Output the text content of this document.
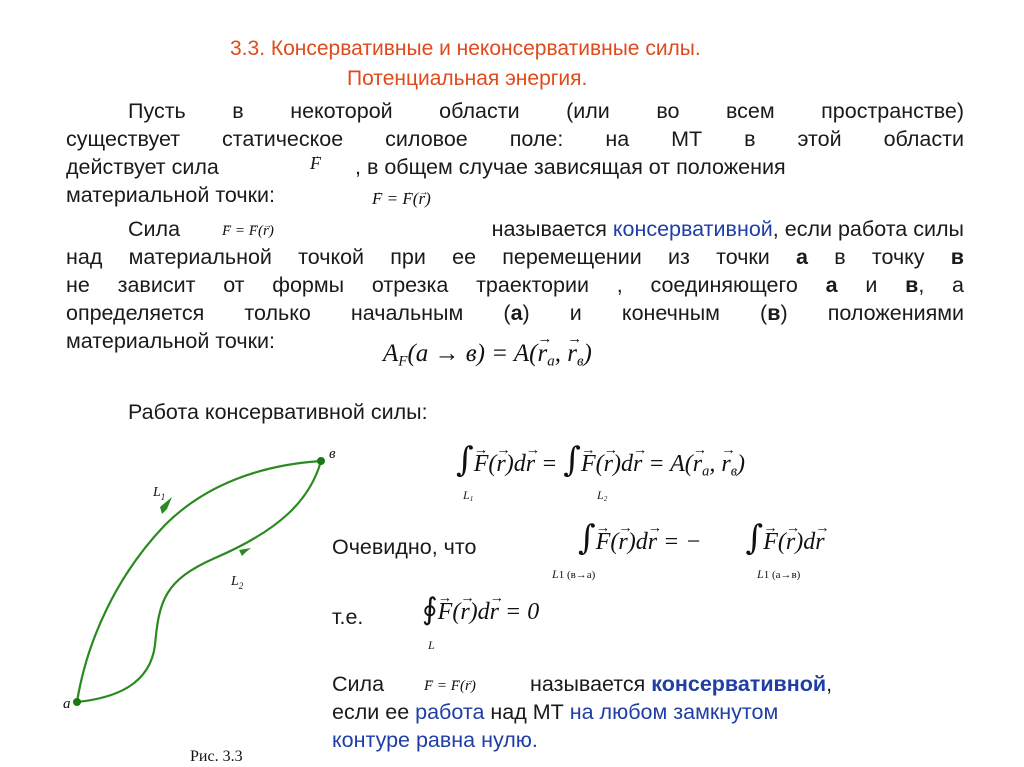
3.3. Консервативные и неконсервативные силы.
Потенциальная энергия.
Пусть в некоторой области (или во всем пространстве)
существует статическое силовое поле: на МТ в этой области
действует сила	→ F , в общем случае зависящая от положения
материальной точки:	→ F = → F(→ r)
Сила	→ F = → F(→ r)	называется консервативной, если работа силы
над материальной точкой при ее перемещении из точки а в точку в
не зависит от формы отрезка траектории , соединяющего а и в, а
определяется только начальным (а) и конечным (в) положениями
материальной точки:	$A_F(a \to в) = A(\to r_a$, → $r_в$)
Работа консервативной силы:
∫→ F(→ r)d→ r = ∫→ $F(\to r)d\to r = A(\to r_a$, → $r_в$)
$L_1$	$L_2$
Очевидно, что	∫→ F(→ r)d→ r = − ∫→ F(→ r)d→ r
L1 (в→a)	L1 (a→в)
т.е. ∮→ F(→ r)d→ r = 0
L
Сила	→ F = → F(→ r)	называется консервативной,
если ее работа над МТ на любом замкнутом
контуре равна нулю.
а
в
$L_1$
$L_2$
Рис. 3.3
